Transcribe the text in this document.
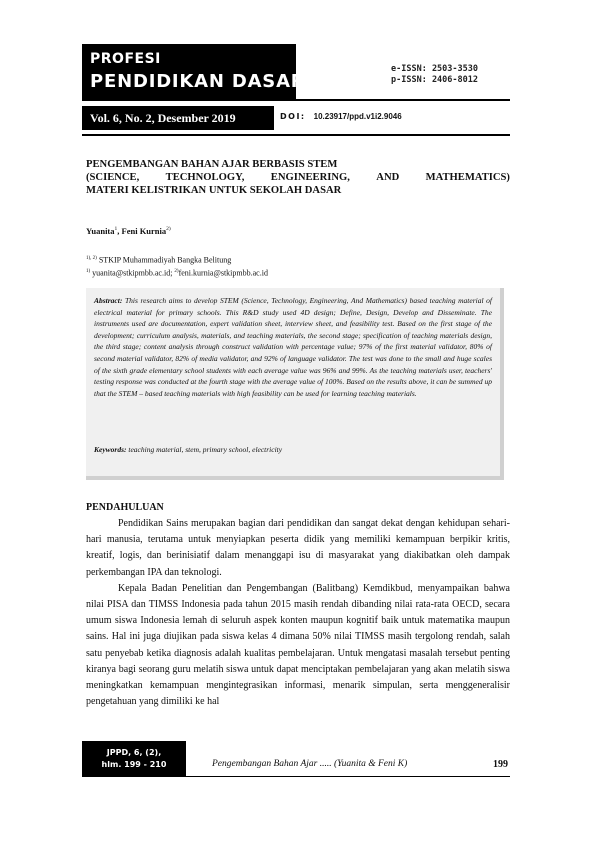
PROFESI
PENDIDIKAN DASAR
e-ISSN: 2503-3530
p-ISSN: 2406-8012
Vol. 6, No. 2, Desember 2019	DOI: 10.23917/ppd.v1i2.9046
PENGEMBANGAN BAHAN AJAR BERBASIS STEM
(SCIENCE, TECHNOLOGY, ENGINEERING, AND MATHEMATICS)
MATERI KELISTRIKAN UNTUK SEKOLAH DASAR
Yuanita$^1$, Feni Kurnia$^{2)}$
$^{1), 2)}$ STKIP Muhammadiyah Bangka Belitung
$^{1)}$ yuanita@stkipmbb.ac.id; $^{2)}$feni.kurnia@stkipmbb.ac.id
Abstract: This research aims to develop STEM (Science, Technology, Engineering, And Mathematics) based teaching material of electrical material for primary schools. This R&D study used 4D design; Define, Design, Develop and Disseminate. The instruments used are documentation, expert validation sheet, interview sheet, and feasibility test. Based on the first stage of the development; curriculum analysis, materials, and teaching materials, the second stage; specification of teaching materials design, the third stage; content analysis through construct validation with percentage value; 97% of the first material validator, 80% of second material validator, 82% of media validator, and 92% of language validator. The test was done to the small and huge scales of the sixth grade elementary school students with each average value was 96% and 99%. As the teaching materials user, teachers' testing response was conducted at the fourth stage with the average value of 100%. Based on the results above, it can be summed up that the STEM – based teaching materials with high feasibility can be used for learning teaching materials.
Keywords: teaching material, stem, primary school, electricity
PENDAHULUAN

Pendidikan Sains merupakan bagian dari pendidikan dan sangat dekat dengan kehidupan sehari-hari manusia, terutama untuk menyiapkan peserta didik yang memiliki kemampuan berpikir kritis, kreatif, logis, dan berinisiatif dalam menanggapi isu di masyarakat yang diakibatkan oleh dampak perkembangan IPA dan teknologi.

Kepala Badan Penelitian dan Pengembangan (Balitbang) Kemdikbud, menyampaikan bahwa nilai PISA dan TIMSS Indonesia pada tahun 2015 masih rendah dibanding nilai rata-rata OECD, secara umum siswa Indonesia lemah di seluruh aspek konten maupun kognitif baik untuk matematika maupun sains. Hal ini juga diujikan pada siswa kelas 4 dimana 50% nilai TIMSS masih tergolong rendah, salah satu penyebab ketika diagnosis adalah kualitas pembelajaran. Untuk mengatasi masalah tersebut penting kiranya bagi seorang guru melatih siswa untuk dapat menciptakan pembelajaran yang akan melatih siswa meningkatkan kemampuan mengintegrasikan informasi, menarik simpulan, serta menggeneralisir pengetahuan yang dimiliki ke hal

JPPD, 6, (2),
hlm. 199 - 210	Pengembangan Bahan Ajar ..... (Yuanita & Feni K)	199
